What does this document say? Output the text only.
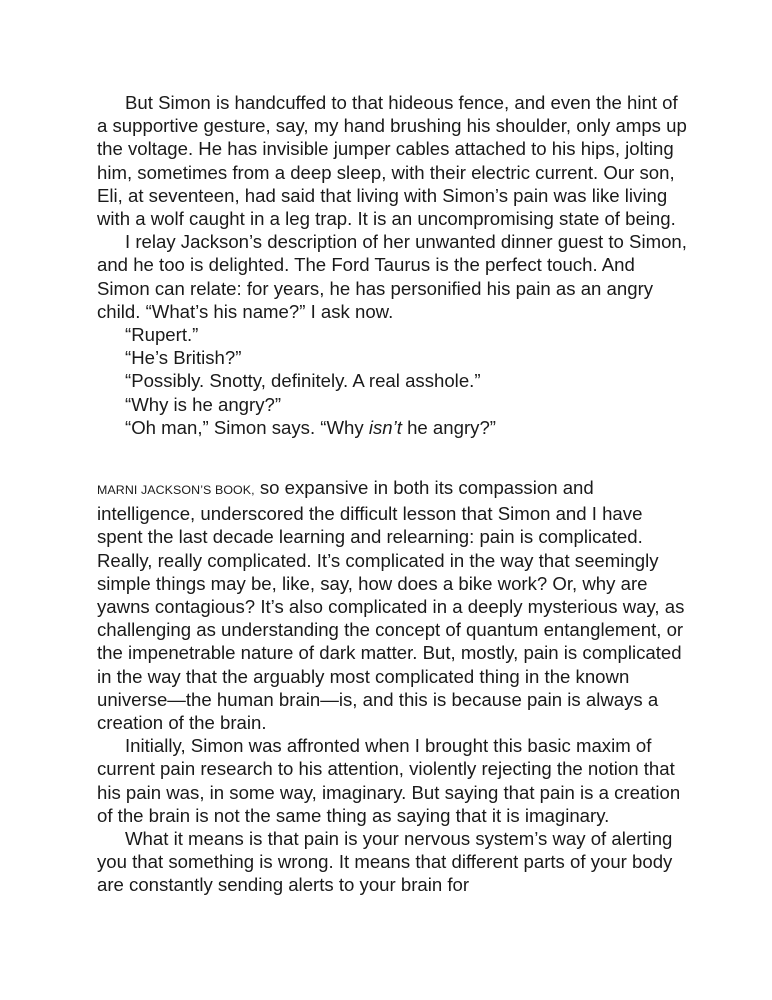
But Simon is handcuffed to that hideous fence, and even the hint of a supportive gesture, say, my hand brushing his shoulder, only amps up the voltage. He has invisible jumper cables attached to his hips, jolting him, sometimes from a deep sleep, with their electric current. Our son, Eli, at seventeen, had said that living with Simon’s pain was like living with a wolf caught in a leg trap. It is an uncompromising state of being.

I relay Jackson’s description of her unwanted dinner guest to Simon, and he too is delighted. The Ford Taurus is the perfect touch. And Simon can relate: for years, he has personified his pain as an angry child. “What’s his name?” I ask now.

“Rupert.”

“He’s British?”

“Possibly. Snotty, definitely. A real asshole.”

“Why is he angry?”

“Oh man,” Simon says. “Why isn’t he angry?”

MARNI JACKSON’S BOOK, so expansive in both its compassion and intelligence, underscored the difficult lesson that Simon and I have spent the last decade learning and relearning: pain is complicated. Really, really complicated. It’s complicated in the way that seemingly simple things may be, like, say, how does a bike work? Or, why are yawns contagious? It’s also complicated in a deeply mysterious way, as challenging as understanding the concept of quantum entanglement, or the impenetrable nature of dark matter. But, mostly, pain is complicated in the way that the arguably most complicated thing in the known universe—the human brain—is, and this is because pain is always a creation of the brain.

Initially, Simon was affronted when I brought this basic maxim of current pain research to his attention, violently rejecting the notion that his pain was, in some way, imaginary. But saying that pain is a creation of the brain is not the same thing as saying that it is imaginary.

What it means is that pain is your nervous system’s way of alerting you that something is wrong. It means that different parts of your body are constantly sending alerts to your brain for
